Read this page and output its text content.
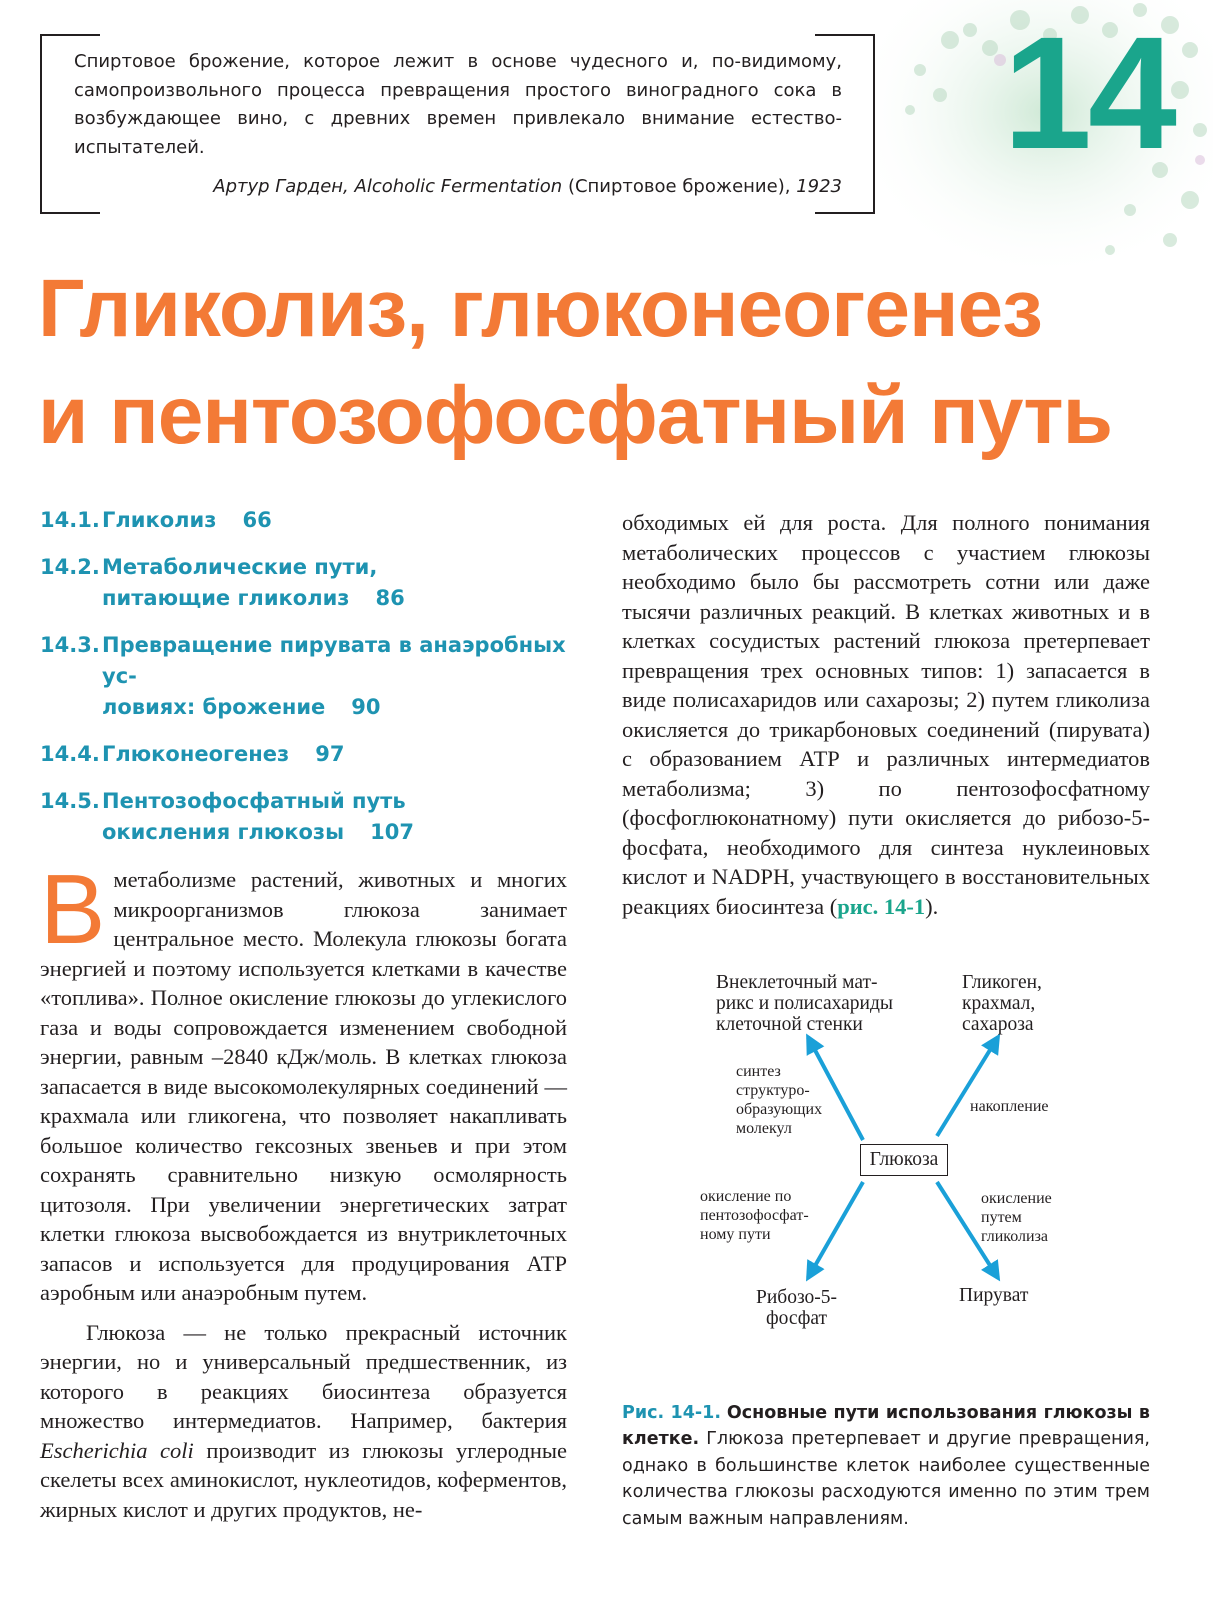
14
Спиртовое брожение, которое лежит в основе чудесного и, по-видимому, самопроизвольного процесса превращения простого виноградного сока в возбуждающее вино, с древних времен привлекало внимание естество-испытателей.
Артур Гарден, Alcoholic Fermentation (Спиртовое брожение), 1923
Гликолиз, глюконеогенез
и пентозофосфатный путь
14.1. Гликолиз 66
14.2. Метаболические пути,
питающие гликолиз 86
14.3. Превращение пирувата в анаэробных ус-
ловиях: брожение 90
14.4. Глюконеогенез 97
14.5. Пентозофосфатный путь
окисления глюкозы 107

В метаболизме растений, животных и многих микроорганизмов глюкоза занимает центральное место. Молекула глюкозы богата энергией и поэтому используется клетками в качестве «топлива». Полное окисление глюкозы до углекислого газа и воды сопровождается изменением свободной энергии, равным –2840 кДж/моль. В клетках глюкоза запасается в виде высокомолекулярных соединений — крахмала или гликогена, что позволяет накапливать большое количество гексозных звеньев и при этом сохранять сравнительно низкую осмолярность цитозоля. При увеличении энергетических затрат клетки глюкоза высвобождается из внутриклеточных запасов и используется для продуцирования АТР аэробным или анаэробным путем.

Глюкоза — не только прекрасный источник энергии, но и универсальный предшественник, из которого в реакциях биосинтеза образуется множество интермедиатов. Например, бактерия Escherichia coli производит из глюкозы углеродные скелеты всех аминокислот, нуклеотидов, коферментов, жирных кислот и других продуктов, не-

обходимых ей для роста. Для полного понимания метаболических процессов с участием глюкозы необходимо было бы рассмотреть сотни или даже тысячи различных реакций. В клетках животных и в клетках сосудистых растений глюкоза претерпевает превращения трех основных типов: 1) запасается в виде полисахаридов или сахарозы; 2) путем гликолиза окисляется до трикарбоновых соединений (пирувата) с образованием АТР и различных интермедиатов метаболизма; 3) по пентозофосфатному (фосфоглюконатному) пути окисляется до рибозо-5-фосфата, необходимого для синтеза нуклеиновых кислот и NADPH, участвующего в восстановительных реакциях биосинтеза (рис. 14-1).

Глюкоза
Внеклеточный мат-
рикс и полисахариды
клеточной стенки
Гликоген,
крахмал,
сахароза
Рибозо-5-
фосфат
Пируват
синтез
структуро-
образующих
молекул
накопление
окисление по
пентозофосфат-
ному пути
окисление
путем
гликолиза

Рис. 14-1. Основные пути использования глюкозы в клетке. Глюкоза претерпевает и другие превращения, однако в большинстве клеток наиболее существенные количества глюкозы расходуются именно по этим трем самым важным направлениям.
